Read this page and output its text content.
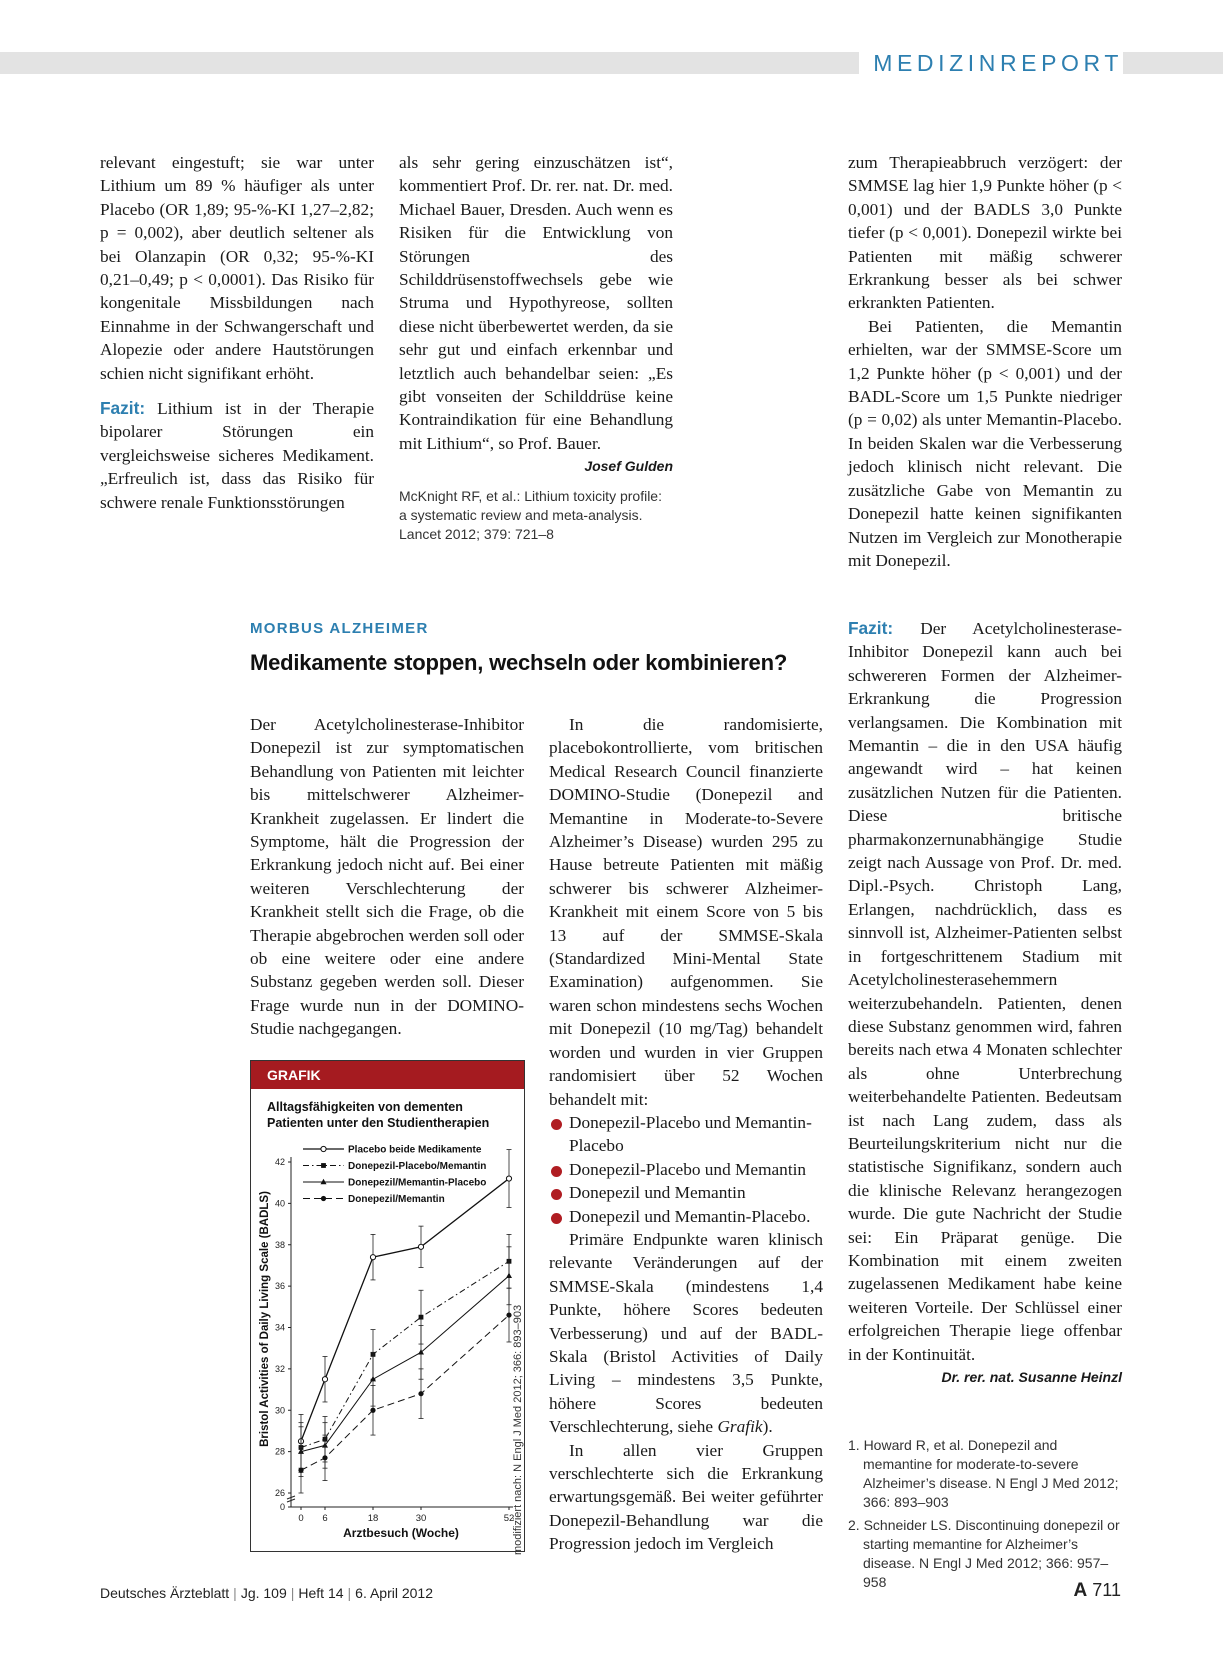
MEDIZINREPORT

relevant eingestuft; sie war unter Lithium um 89 % häufiger als unter Placebo (OR 1,89; 95-%-KI 1,27–2,82; p = 0,002), aber deutlich seltener als bei Olanzapin (OR 0,32; 95-%-KI 0,21–0,49; p < 0,0001). Das Risiko für kongenitale Missbildungen nach Einnahme in der Schwangerschaft und Alopezie oder andere Hautstörungen schien nicht signifikant erhöht.

Fazit: Lithium ist in der Therapie bipolarer Störungen ein vergleichsweise sicheres Medikament. „Erfreulich ist, dass das Risiko für schwere renale Funktionsstörungen

als sehr gering einzuschätzen ist“, kommentiert Prof. Dr. rer. nat. Dr. med. Michael Bauer, Dresden. Auch wenn es Risiken für die Entwicklung von Störungen des Schilddrüsenstoffwechsels gebe wie Struma und Hypothyreose, sollten diese nicht überbewertet werden, da sie sehr gut und einfach erkennbar und letztlich auch behandelbar seien: „Es gibt vonseiten der Schilddrüse keine Kontraindikation für eine Behandlung mit Lithium“, so Prof. Bauer.
Josef Gulden

McKnight RF, et al.: Lithium toxicity profile:
a systematic review and meta-analysis.
Lancet 2012; 379: 721–8

zum Therapieabbruch verzögert: der SMMSE lag hier 1,9 Punkte höher (p < 0,001) und der BADLS 3,0 Punkte tiefer (p < 0,001). Donepezil wirkte bei Patienten mit mäßig schwerer Erkrankung besser als bei schwer erkrankten Patienten.

Bei Patienten, die Memantin erhielten, war der SMMSE-Score um 1,2 Punkte höher (p < 0,001) und der BADL-Score um 1,5 Punkte niedriger (p = 0,02) als unter Memantin-Placebo. In beiden Skalen war die Verbesserung jedoch klinisch nicht relevant. Die zusätzliche Gabe von Memantin zu Donepezil hatte keinen signifikanten Nutzen im Vergleich zur Monotherapie mit Donepezil.

MORBUS ALZHEIMER
Medikamente stoppen, wechseln oder kombinieren?

Der Acetylcholinesterase-Inhibitor Donepezil ist zur symptomatischen Behandlung von Patienten mit leichter bis mittelschwerer Alzheimer-Krankheit zugelassen. Er lindert die Symptome, hält die Progression der Erkrankung jedoch nicht auf. Bei einer weiteren Verschlechterung der Krankheit stellt sich die Frage, ob die Therapie abgebrochen werden soll oder ob eine weitere oder eine andere Substanz gegeben werden soll. Dieser Frage wurde nun in der DOMINO-Studie nachgegangen.

GRAFIK
Alltagsfähigkeiten von dementen
Patienten unter den Studientherapien
0
26
28
30
32
34
36
38
40
42
0 6	18	30	52
Arztbesuch (Woche)
Bristol Activities of Daily Living Scale (BADLS)
Placebo beide Medikamente
Donepezil-Placebo/Memantin
Donepezil/Memantin-Placebo
Donepezil/Memantin
modifiziert nach: N Engl J Med 2012; 366: 893–903

In die randomisierte, placebokontrollierte, vom britischen Medical Research Council finanzierte DOMINO-Studie (Donepezil and Memantine in Moderate-to-Severe Alzheimer’s Disease) wurden 295 zu Hause betreute Patienten mit mäßig schwerer bis schwerer Alzheimer-Krankheit mit einem Score von 5 bis 13 auf der SMMSE-Skala (Standardized Mini-Mental State Examination) aufgenommen. Sie waren schon mindestens sechs Wochen mit Donepezil (10 mg/Tag) behandelt worden und wurden in vier Gruppen randomisiert über 52 Wochen behandelt mit:

Donepezil-Placebo und Memantin-Placebo
Donepezil-Placebo und Memantin
Donepezil und Memantin
Donepezil und Memantin-Placebo.

Primäre Endpunkte waren klinisch relevante Veränderungen auf der SMMSE-Skala (mindestens 1,4 Punkte, höhere Scores bedeuten Verbesserung) und auf der BADL-Skala (Bristol Activities of Daily Living – mindestens 3,5 Punkte, höhere Scores bedeuten Verschlechterung, siehe Grafik).

In allen vier Gruppen verschlechterte sich die Erkrankung erwartungsgemäß. Bei weiter geführter Donepezil-Behandlung war die Progression jedoch im Vergleich

Fazit: Der Acetylcholinesterase-Inhibitor Donepezil kann auch bei schwereren Formen der Alzheimer-Erkrankung die Progression verlangsamen. Die Kombination mit Memantin – die in den USA häufig angewandt wird – hat keinen zusätzlichen Nutzen für die Patienten. Diese britische pharmakonzernunabhängige Studie zeigt nach Aussage von Prof. Dr. med. Dipl.-Psych. Christoph Lang, Erlangen, nachdrücklich, dass es sinnvoll ist, Alzheimer-Patienten selbst in fortgeschrittenem Stadium mit Acetylcholinesterasehemmern weiterzubehandeln. Patienten, denen diese Substanz genommen wird, fahren bereits nach etwa 4 Monaten schlechter als ohne Unterbrechung weiterbehandelte Patienten. Bedeutsam ist nach Lang zudem, dass als Beurteilungskriterium nicht nur die statistische Signifikanz, sondern auch die klinische Relevanz herangezogen wurde. Die gute Nachricht der Studie sei: Ein Präparat genüge. Die Kombination mit einem zweiten zugelassenen Medikament habe keine weiteren Vorteile. Der Schlüssel einer erfolgreichen Therapie liege offenbar in der Kontinuität.
Dr. rer. nat. Susanne Heinzl

1. Howard R, et al. Donepezil and memantine for moderate-to-severe Alzheimer’s disease. N Engl J Med 2012; 366: 893–903
2. Schneider LS. Discontinuing donepezil or starting memantine for Alzheimer’s disease. N Engl J Med 2012; 366: 957–958
Deutsches Ärzteblatt | Jg. 109 | Heft 14 | 6. April 2012	A 711
